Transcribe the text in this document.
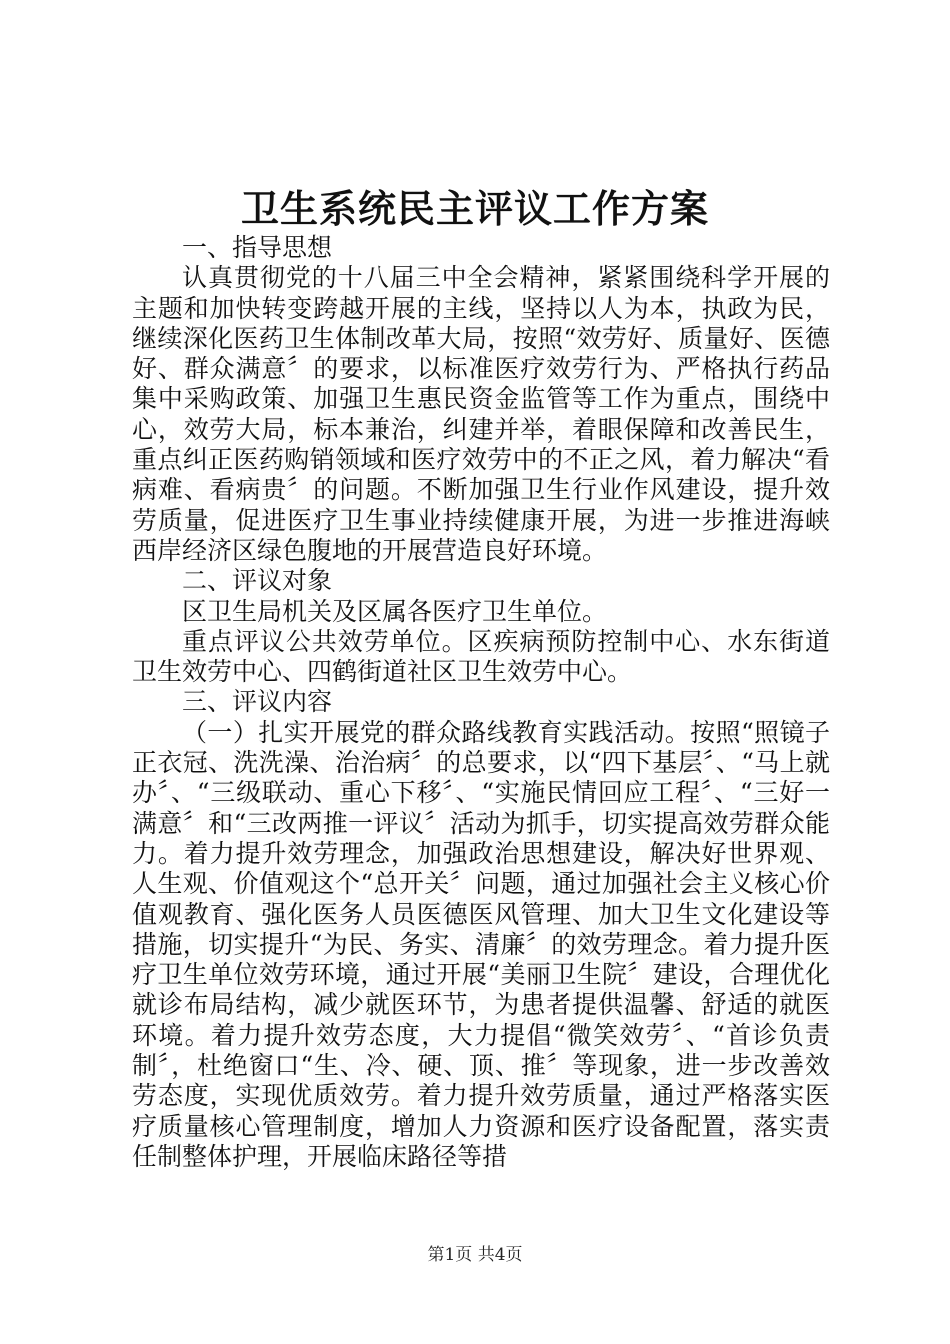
卫生系统民主评议工作方案

一、指导思想

认真贯彻党的十八届三中全会精神，紧紧围绕科学开展的主题和加快转变跨越开展的主线，坚持以人为本，执政为民，继续深化医药卫生体制改革大局，按照“效劳好、质量好、医德好、群众满意〞的要求，以标准医疗效劳行为、严格执行药品集中采购政策、加强卫生惠民资金监管等工作为重点，围绕中心，效劳大局，标本兼治，纠建并举，着眼保障和改善民生，重点纠正医药购销领域和医疗效劳中的不正之风，着力解决“看病难、看病贵〞的问题。不断加强卫生行业作风建设，提升效劳质量，促进医疗卫生事业持续健康开展，为进一步推进海峡西岸经济区绿色腹地的开展营造良好环境。

二、评议对象

区卫生局机关及区属各医疗卫生单位。

重点评议公共效劳单位。区疾病预防控制中心、水东街道卫生效劳中心、四鹤街道社区卫生效劳中心。

三、评议内容

（一）扎实开展党的群众路线教育实践活动。按照“照镜子正衣冠、洗洗澡、治治病〞的总要求，以“四下基层〞、“马上就办〞、“三级联动、重心下移〞、“实施民情回应工程〞、“三好一满意〞和“三改两推一评议〞活动为抓手，切实提高效劳群众能力。着力提升效劳理念，加强政治思想建设，解决好世界观、人生观、价值观这个“总开关〞问题，通过加强社会主义核心价值观教育、强化医务人员医德医风管理、加大卫生文化建设等措施，切实提升“为民、务实、清廉〞的效劳理念。着力提升医疗卫生单位效劳环境，通过开展“美丽卫生院〞建设，合理优化就诊布局结构，减少就医环节，为患者提供温馨、舒适的就医环境。着力提升效劳态度，大力提倡“微笑效劳〞、“首诊负责制〞，杜绝窗口“生、冷、硬、顶、推〞等现象，进一步改善效劳态度，实现优质效劳。着力提升效劳质量，通过严格落实医疗质量核心管理制度，增加人力资源和医疗设备配置，落实责任制整体护理，开展临床路径等措

第1页 共4页
